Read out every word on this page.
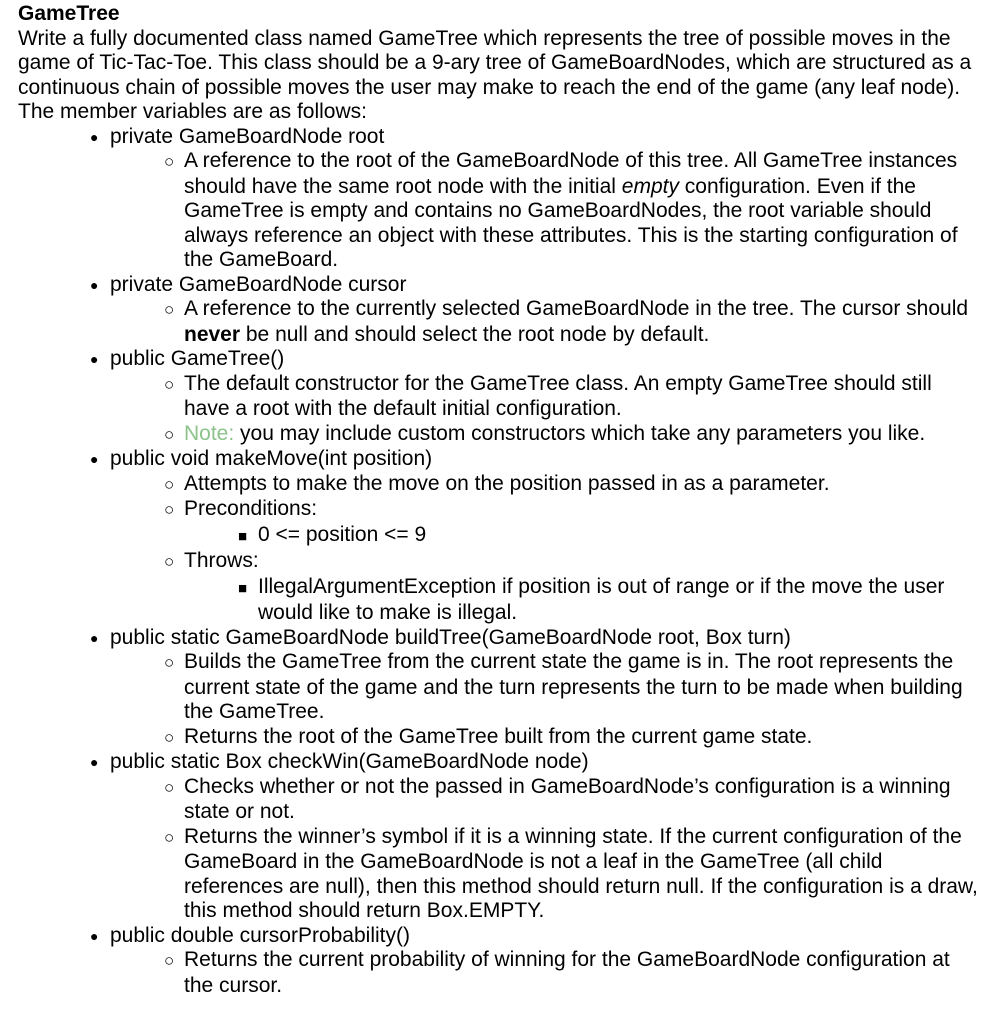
GameTree

Write a fully documented class named GameTree which represents the tree of possible moves in the game of Tic-Tac-Toe. This class should be a 9-ary tree of GameBoardNodes, which are structured as a continuous chain of possible moves the user may make to reach the end of the game (any leaf node). The member variables are as follows:

● private GameBoardNode root
○ A reference to the root of the GameBoardNode of this tree. All GameTree instances should have the same root node with the initial empty configuration. Even if the GameTree is empty and contains no GameBoardNodes, the root variable should always reference an object with these attributes. This is the starting configuration of the GameBoard.
● private GameBoardNode cursor
○ A reference to the currently selected GameBoardNode in the tree. The cursor should never be null and should select the root node by default.
● public GameTree()
○ The default constructor for the GameTree class. An empty GameTree should still have a root with the default initial configuration.
○ Note: you may include custom constructors which take any parameters you like.
● public void makeMove(int position)
○ Attempts to make the move on the position passed in as a parameter.
○ Preconditions:
■ 0 <= position <= 9
○ Throws:
■ IllegalArgumentException if position is out of range or if the move the user would like to make is illegal.
● public static GameBoardNode buildTree(GameBoardNode root, Box turn)
○ Builds the GameTree from the current state the game is in. The root represents the current state of the game and the turn represents the turn to be made when building the GameTree.
○ Returns the root of the GameTree built from the current game state.
● public static Box checkWin(GameBoardNode node)
○ Checks whether or not the passed in GameBoardNode’s configuration is a winning state or not.
○ Returns the winner’s symbol if it is a winning state. If the current configuration of the GameBoard in the GameBoardNode is not a leaf in the GameTree (all child references are null), then this method should return null. If the configuration is a draw, this method should return Box.EMPTY.
● public double cursorProbability()
○ Returns the current probability of winning for the GameBoardNode configuration at the cursor.
